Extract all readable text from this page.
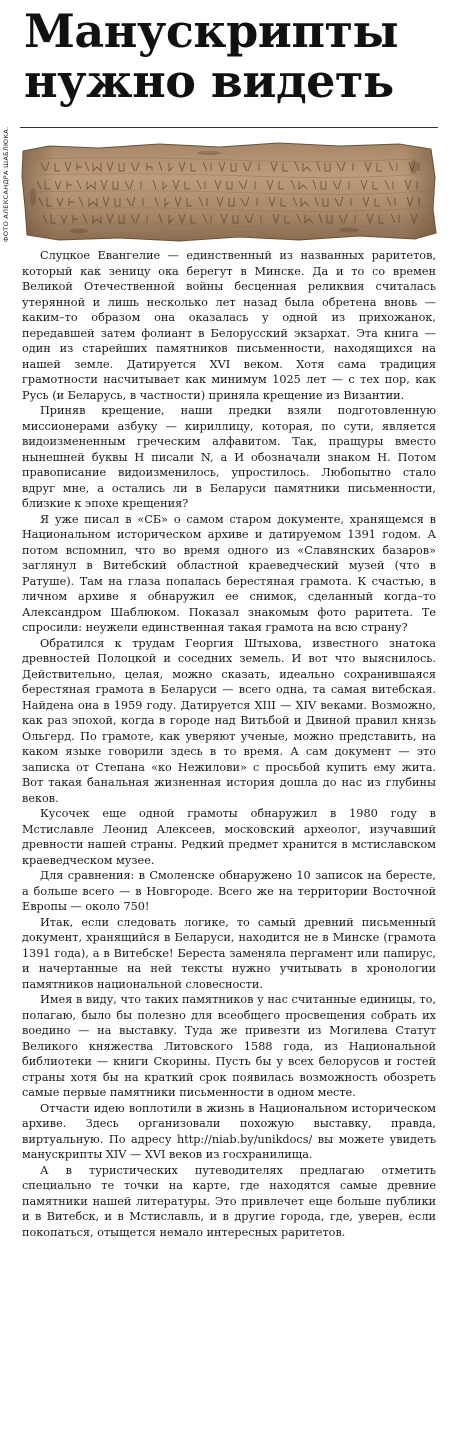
Манускрипты нужно видеть
ФОТО АЛЕКСАНДРА ШАБЛЮКА.

Слуцкое Евангелие — единственный из названных раритетов, который как зеницу ока берегут в Минске. Да и то со времен Великой Отечественной войны бесценная реликвия считалась утерянной и лишь несколько лет назад была обретена вновь — каким–то образом она оказалась у одной из прихожанок, передавшей затем фолиант в Белорусский экзархат. Эта книга — один из старейших памятников письменности, находящихся на нашей земле. Датируется XVI веком. Хотя сама традиция грамотности насчитывает как минимум 1025 лет — с тех пор, как Русь (и Беларусь, в частности) приняла крещение из Византии.

Приняв крещение, наши предки взяли подготовленную миссионерами азбуку — кириллицу, которая, по сути, является видоизмененным греческим алфавитом. Так, пращуры вместо нынешней буквы Н писали N, а И обозначали знаком Н. Потом правописание видоизменилось, упростилось. Любопытно стало вдруг мне, а остались ли в Беларуси памятники письменности, близкие к эпохе крещения?

Я уже писал в «СБ» о самом старом документе, хранящемся в Национальном историческом архиве и датируемом 1391 годом. А потом вспомнил, что во время одного из «Славянских базаров» заглянул в Витебский областной краеведческий музей (что в Ратуше). Там на глаза попалась берестяная грамота. К счастью, в личном архиве я обнаружил ее снимок, сделанный когда–то Александром Шаблюком. Показал знакомым фото раритета. Те спросили: неужели единственная такая грамота на всю страну?

Обратился к трудам Георгия Штыхова, известного знатока древностей Полоцкой и соседних земель. И вот что выяснилось. Действительно, целая, можно сказать, идеально сохранившаяся берестяная грамота в Беларуси — всего одна, та самая витебская. Найдена она в 1959 году. Датируется XIII — XIV веками. Возможно, как раз эпохой, когда в городе над Витьбой и Двиной правил князь Ольгерд. По грамоте, как уверяют ученые, можно представить, на каком языке говорили здесь в то время. А сам документ — это записка от Степана «ко Нежилови» с просьбой купить ему жита. Вот такая банальная жизненная история дошла до нас из глубины веков.

Кусочек еще одной грамоты обнаружил в 1980 году в Мстиславле Леонид Алексеев, московский археолог, изучавший древности нашей страны. Редкий предмет хранится в мстиславском краеведческом музее.

Для сравнения: в Смоленске обнаружено 10 записок на бересте, а больше всего — в Новгороде. Всего же на территории Восточной Европы — около 750!

Итак, если следовать логике, то самый древний письменный документ, хранящийся в Беларуси, находится не в Минске (грамота 1391 года), а в Витебске! Береста заменяла пергамент или папирус, и начертанные на ней тексты нужно учитывать в хронологии памятников национальной словесности.

Имея в виду, что таких памятников у нас считанные единицы, то, полагаю, было бы полезно для всеобщего просвещения собрать их воедино — на выставку. Туда же привезти из Могилева Статут Великого княжества Литовского 1588 года, из Национальной библиотеки — книги Скорины. Пусть бы у всех белорусов и гостей страны хотя бы на краткий срок появилась возможность обозреть самые первые памятники письменности в одном месте.

Отчасти идею воплотили в жизнь в Национальном историческом архиве. Здесь организовали похожую выставку, правда, виртуальную. По адресу http://niab.by/unikdocs/ вы можете увидеть манускрипты XIV — XVI веков из госхранилища.

А в туристических путеводителях предлагаю отметить специально те точки на карте, где находятся самые древние памятники нашей литературы. Это привлечет еще больше публики и в Витебск, и в Мстиславль, и в другие города, где, уверен, если покопаться, отыщется немало интересных раритетов.
